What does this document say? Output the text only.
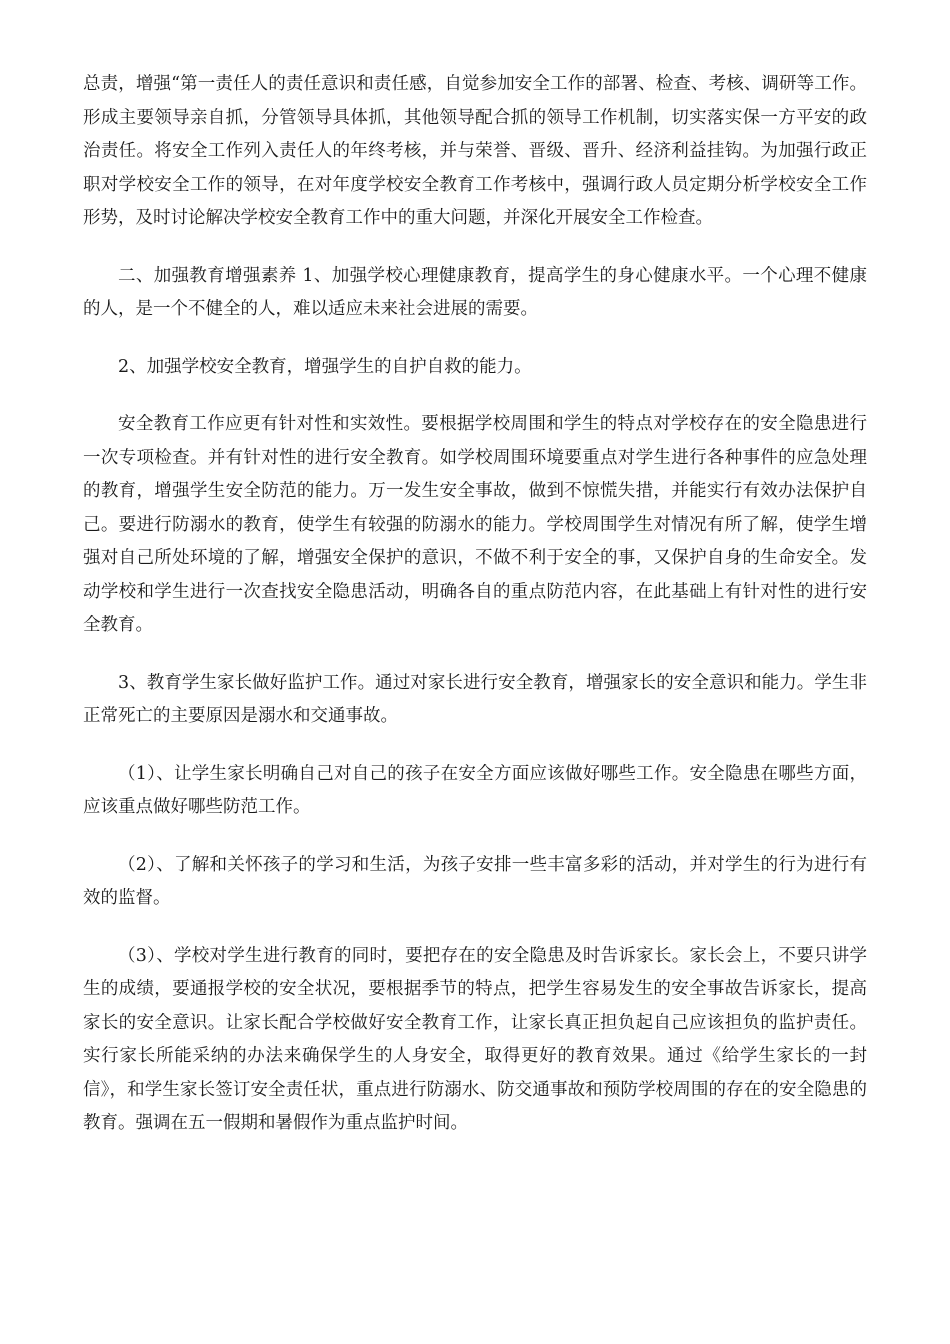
总责，增强“第一责任人的责任意识和责任感，自觉参加安全工作的部署、检查、考核、调研等工作。形成主要领导亲自抓，分管领导具体抓，其他领导配合抓的领导工作机制，切实落实保一方平安的政治责任。将安全工作列入责任人的年终考核，并与荣誉、晋级、晋升、经济利益挂钩。为加强行政正职对学校安全工作的领导，在对年度学校安全教育工作考核中，强调行政人员定期分析学校安全工作形势，及时讨论解决学校安全教育工作中的重大问题，并深化开展安全工作检查。

二、加强教育增强素养 1、加强学校心理健康教育，提高学生的身心健康水平。一个心理不健康的人，是一个不健全的人，难以适应未来社会进展的需要。

2、加强学校安全教育，增强学生的自护自救的能力。

安全教育工作应更有针对性和实效性。要根据学校周围和学生的特点对学校存在的安全隐患进行一次专项检查。并有针对性的进行安全教育。如学校周围环境要重点对学生进行各种事件的应急处理的教育，增强学生安全防范的能力。万一发生安全事故，做到不惊慌失措，并能实行有效办法保护自己。要进行防溺水的教育，使学生有较强的防溺水的能力。学校周围学生对情况有所了解，使学生增强对自己所处环境的了解，增强安全保护的意识，不做不利于安全的事，又保护自身的生命安全。发动学校和学生进行一次查找安全隐患活动，明确各自的重点防范内容，在此基础上有针对性的进行安全教育。

3、教育学生家长做好监护工作。通过对家长进行安全教育，增强家长的安全意识和能力。学生非正常死亡的主要原因是溺水和交通事故。

（1）、让学生家长明确自己对自己的孩子在安全方面应该做好哪些工作。安全隐患在哪些方面，应该重点做好哪些防范工作。

（2）、了解和关怀孩子的学习和生活，为孩子安排一些丰富多彩的活动，并对学生的行为进行有效的监督。

（3）、学校对学生进行教育的同时，要把存在的安全隐患及时告诉家长。家长会上，不要只讲学生的成绩，要通报学校的安全状况，要根据季节的特点，把学生容易发生的安全事故告诉家长，提高家长的安全意识。让家长配合学校做好安全教育工作，让家长真正担负起自己应该担负的监护责任。实行家长所能采纳的办法来确保学生的人身安全，取得更好的教育效果。通过《给学生家长的一封信》，和学生家长签订安全责任状，重点进行防溺水、防交通事故和预防学校周围的存在的安全隐患的教育。强调在五一假期和暑假作为重点监护时间。
